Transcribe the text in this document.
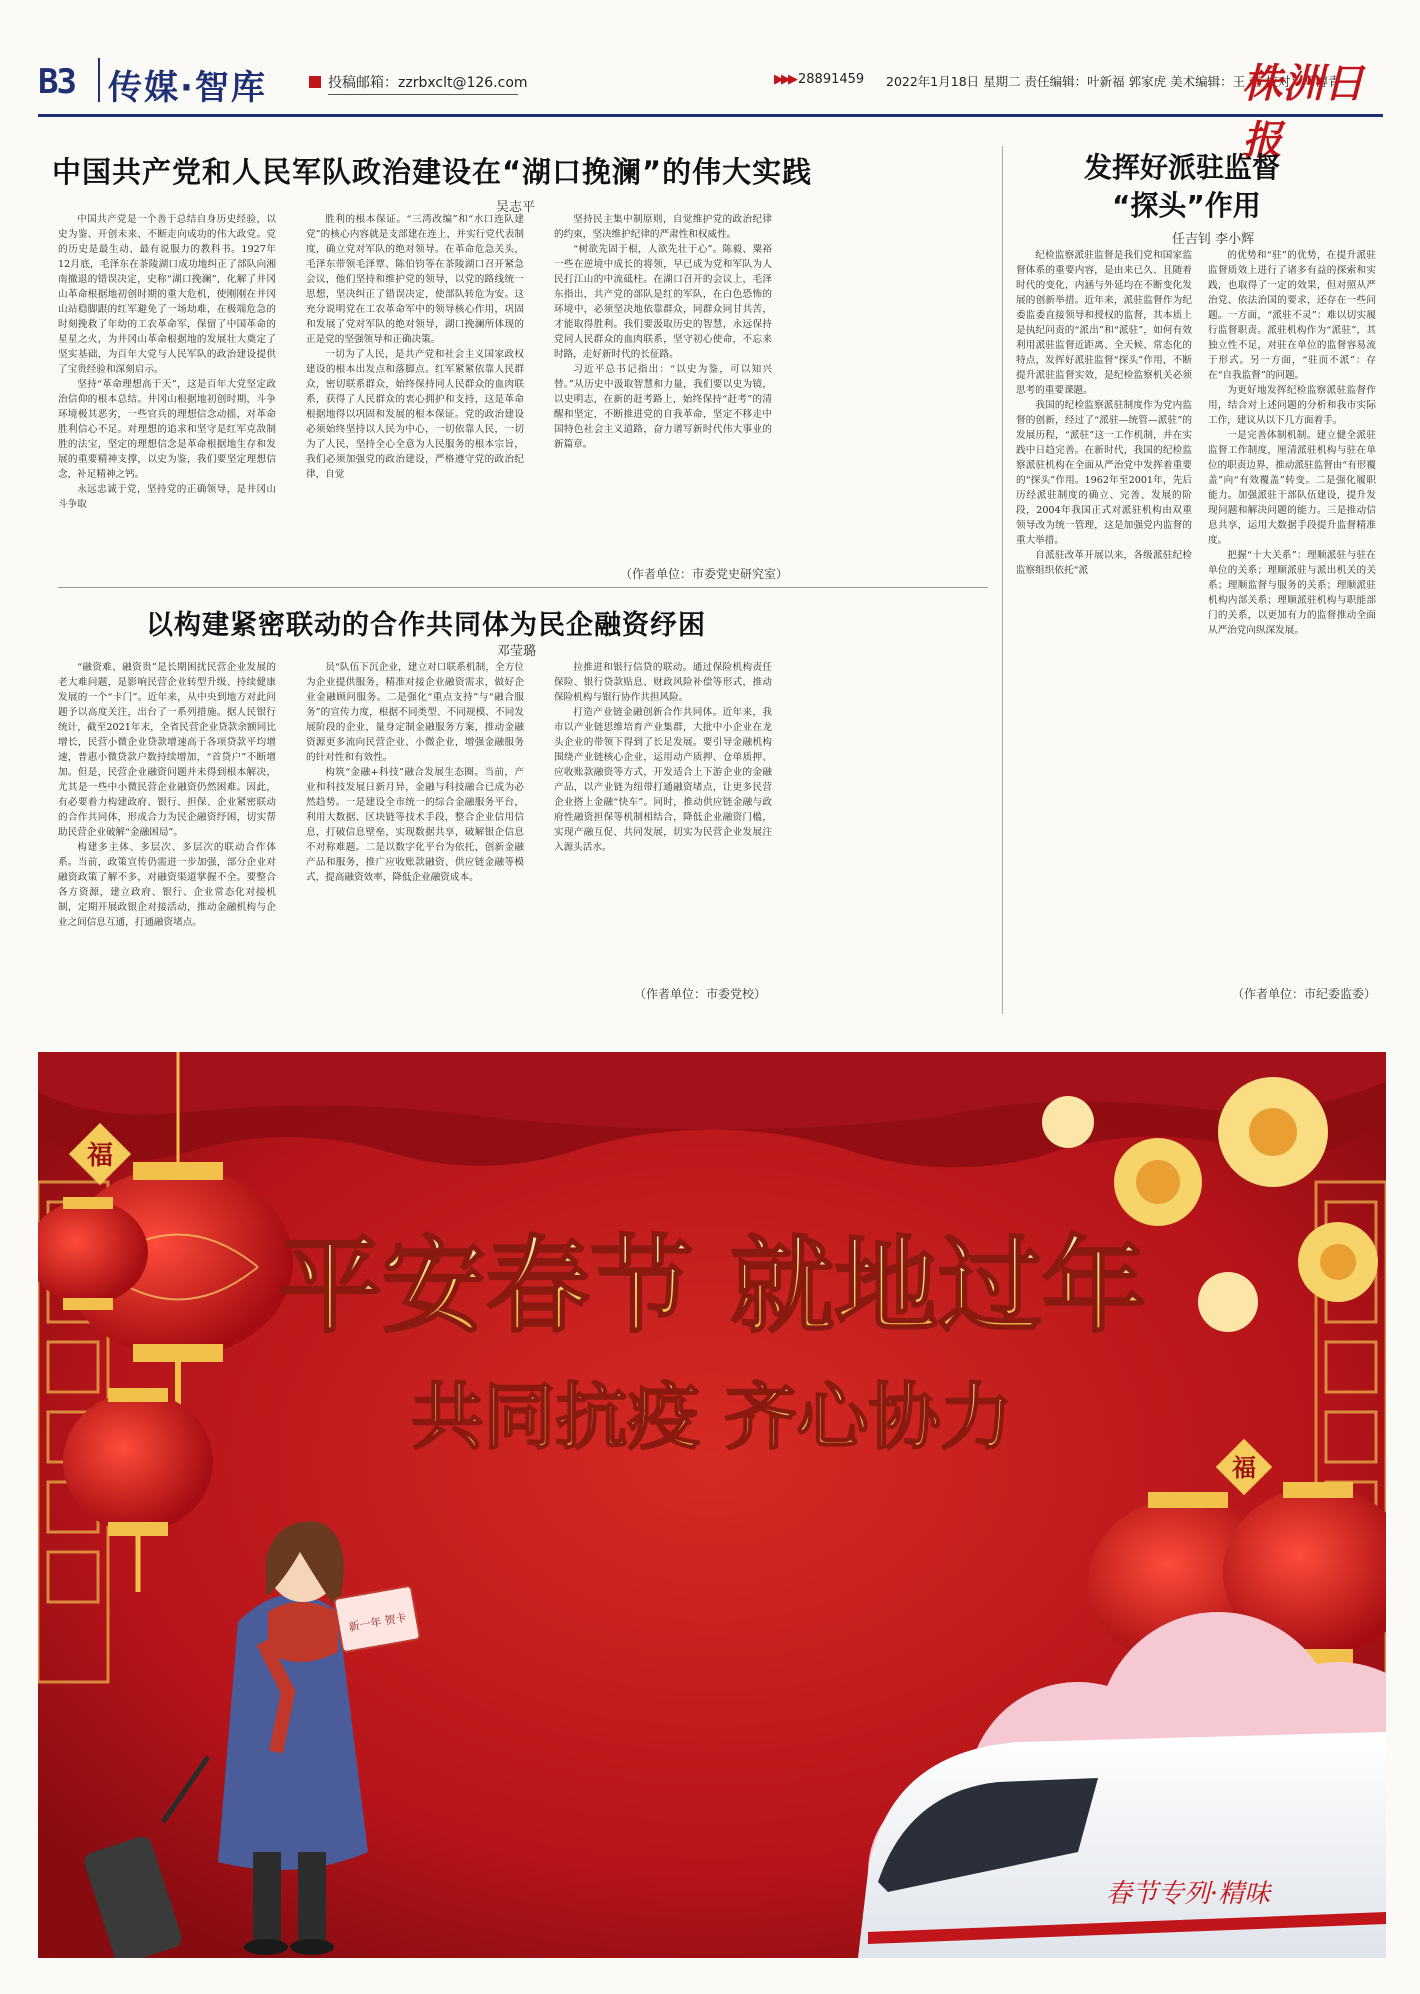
B3 传媒·智库	投稿邮箱：zzrbxclt@126.com	▶▶▶ 28891459 2022年1月18日 星期二 责任编辑：叶新福 郭家虎 美术编辑：王 莹 校对：马博青
株洲日报
中国共产党和人民军队政治建设在“湖口挽澜”的伟大实践
吴志平

中国共产党是一个善于总结自身历史经验，以史为鉴、开创未来、不断走向成功的伟大政党。党的历史是最生动、最有说服力的教科书。1927年12月底，毛泽东在茶陵湖口成功地纠正了部队向湘南撤退的错误决定，史称“湖口挽澜”，化解了井冈山革命根据地初创时期的重大危机，使刚刚在井冈山站稳脚跟的红军避免了一场劫难，在极端危急的时刻挽救了年幼的工农革命军，保留了中国革命的星星之火，为井冈山革命根据地的发展壮大奠定了坚实基础，为百年大党与人民军队的政治建设提供了宝贵经验和深刻启示。

坚持“革命理想高于天”，这是百年大党坚定政治信仰的根本总结。井冈山根据地初创时期，斗争环境极其恶劣，一些官兵的理想信念动摇，对革命胜利信心不足。对理想的追求和坚守是红军克敌制胜的法宝，坚定的理想信念是革命根据地生存和发展的重要精神支撑，以史为鉴，我们要坚定理想信念，补足精神之钙。

永远忠诚于党，坚持党的正确领导，是井冈山斗争取

胜利的根本保证。“三湾改编”和“水口连队建党”的核心内容就是支部建在连上，并实行党代表制度，确立党对军队的绝对领导。在革命危急关头，毛泽东带领毛泽覃、陈伯钧等在茶陵湖口召开紧急会议，他们坚持和维护党的领导，以党的路线统一思想，坚决纠正了错误决定，使部队转危为安。这充分说明党在工农革命军中的领导核心作用，巩固和发展了党对军队的绝对领导，湖口挽澜所体现的正是党的坚强领导和正确决策。

一切为了人民，是共产党和社会主义国家政权建设的根本出发点和落脚点。红军紧紧依靠人民群众，密切联系群众，始终保持同人民群众的血肉联系，获得了人民群众的衷心拥护和支持，这是革命根据地得以巩固和发展的根本保证。党的政治建设必须始终坚持以人民为中心，一切依靠人民，一切为了人民，坚持全心全意为人民服务的根本宗旨，我们必须加强党的政治建设，严格遵守党的政治纪律，自觉

坚持民主集中制原则，自觉维护党的政治纪律的约束，坚决维护纪律的严肃性和权威性。

“树欲先固于根，人欲先壮于心”。陈毅、粟裕一些在逆境中成长的将领，早已成为党和军队为人民打江山的中流砥柱。在湖口召开的会议上，毛泽东指出，共产党的部队是红的军队，在白色恐怖的环境中，必须坚决地依靠群众，同群众同甘共苦，才能取得胜利。我们要汲取历史的智慧，永远保持党同人民群众的血肉联系，坚守初心使命，不忘来时路，走好新时代的长征路。

习近平总书记指出：“以史为鉴，可以知兴替。”从历史中汲取智慧和力量，我们要以史为镜，以史明志，在新的赶考路上，始终保持“赶考”的清醒和坚定，不断推进党的自我革命，坚定不移走中国特色社会主义道路，奋力谱写新时代伟大事业的新篇章。

（作者单位：市委党史研究室）
以构建紧密联动的合作共同体为民企融资纾困
邓莹璐

“融资难、融资贵”是长期困扰民营企业发展的老大难问题，是影响民营企业转型升级、持续健康发展的一个“卡门”。近年来，从中央到地方对此问题予以高度关注，出台了一系列措施。据人民银行统计，截至2021年末，全省民营企业贷款余额同比增长，民营小微企业贷款增速高于各项贷款平均增速，普惠小微贷款户数持续增加，“首贷户”不断增加。但是，民营企业融资问题并未得到根本解决，尤其是一些中小微民营企业融资仍然困难。因此，有必要着力构建政府、银行、担保、企业紧密联动的合作共同体，形成合力为民企融资纾困，切实帮助民营企业破解“金融困局”。

构建多主体、多层次、多层次的联动合作体系。当前，政策宣传仍需进一步加强，部分企业对融资政策了解不多，对融资渠道掌握不全。要整合各方资源，建立政府、银行、企业常态化对接机制，定期开展政银企对接活动，推动金融机构与企业之间信息互通，打通融资堵点。

员“队伍下沉企业，建立对口联系机制，全方位为企业提供服务，精准对接企业融资需求，做好企业金融顾问服务。二是强化“重点支持”与“融合服务”的宣传力度，根据不同类型、不同规模、不同发展阶段的企业，量身定制金融服务方案，推动金融资源更多流向民营企业、小微企业，增强金融服务的针对性和有效性。

构筑“金融+科技”融合发展生态圈。当前，产业和科技发展日新月异，金融与科技融合已成为必然趋势。一是建设全市统一的综合金融服务平台，利用大数据、区块链等技术手段，整合企业信用信息，打破信息壁垒，实现数据共享，破解银企信息不对称难题。二是以数字化平台为依托，创新金融产品和服务，推广应收账款融资、供应链金融等模式，提高融资效率，降低企业融资成本。

拉推进和银行信贷的联动。通过保险机构责任保险、银行贷款贴息、财政风险补偿等形式，推动保险机构与银行协作共担风险。

打造产业链金融创新合作共同体。近年来，我市以产业链思维培育产业集群，大批中小企业在龙头企业的带领下得到了长足发展。要引导金融机构围绕产业链核心企业，运用动产质押、仓单质押、应收账款融资等方式，开发适合上下游企业的金融产品，以产业链为纽带打通融资堵点，让更多民营企业搭上金融“快车”。同时，推动供应链金融与政府性融资担保等机制相结合，降低企业融资门槛，实现产融互促、共同发展，切实为民营企业发展注入源头活水。

（作者单位：市委党校）
发挥好派驻监督
“探头”作用
任吉钊 李小辉

纪检监察派驻监督是我们党和国家监督体系的重要内容，是由来已久、且随着时代的变化，内涵与外延均在不断变化发展的创新举措。近年来，派驻监督作为纪委监委直接领导和授权的监督，其本质上是执纪问责的“派出”和“派驻”，如何有效利用派驻监督近距离、全天候、常态化的特点，发挥好派驻监督“探头”作用，不断提升派驻监督实效，是纪检监察机关必须思考的重要课题。

我国的纪检监察派驻制度作为党内监督的创新，经过了“派驻—统管—派驻”的发展历程，“派驻”这一工作机制，并在实践中日趋完善。在新时代，我国的纪检监察派驻机构在全面从严治党中发挥着重要的“探头”作用。1962年至2001年，先后历经派驻制度的确立、完善、发展的阶段，2004年我国正式对派驻机构由双重领导改为统一管理，这是加强党内监督的重大举措。

自派驻改革开展以来，各级派驻纪检监察组织依托“派

的优势和“驻”的优势，在提升派驻监督质效上进行了诸多有益的探索和实践，也取得了一定的效果，但对照从严治党、依法治国的要求，还存在一些问题。一方面，“派驻不灵”：难以切实履行监督职责。派驻机构作为“派驻”，其独立性不足，对驻在单位的监督容易流于形式。另一方面，“驻而不派”：存在“自我监督”的问题。

为更好地发挥纪检监察派驻监督作用，结合对上述问题的分析和我市实际工作，建议从以下几方面着手。

一是完善体制机制。建立健全派驻监督工作制度，厘清派驻机构与驻在单位的职责边界，推动派驻监督由“有形覆盖”向“有效覆盖”转变。二是强化履职能力。加强派驻干部队伍建设，提升发现问题和解决问题的能力。三是推动信息共享，运用大数据手段提升监督精准度。

把握“十大关系”：理顺派驻与驻在单位的关系；理顺派驻与派出机关的关系；理顺监督与服务的关系；理顺派驻机构内部关系；理顺派驻机构与职能部门的关系，以更加有力的监督推动全面从严治党向纵深发展。

（作者单位：市纪委监委）
福
福
平安春节 就地过年
共同抗疫 齐心协力
春节专列·精味
新一年 贺卡
